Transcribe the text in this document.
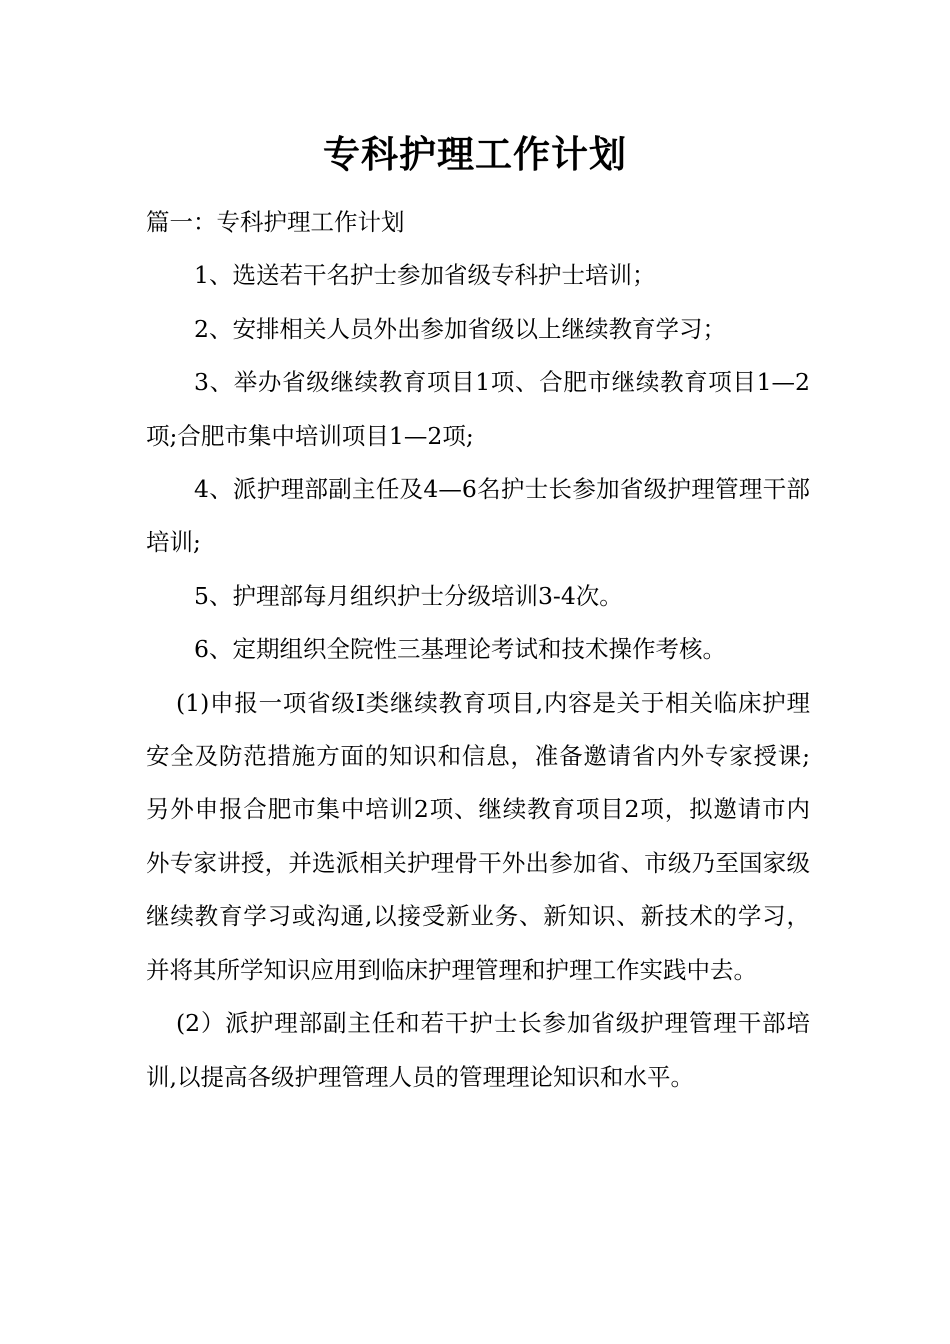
专科护理工作计划

篇一：专科护理工作计划

1、选送若干名护士参加省级专科护士培训；

2、安排相关人员外出参加省级以上继续教育学习；

3、举办省级继续教育项目1项、合肥市继续教育项目1—2项;合肥市集中培训项目1—2项;

4、派护理部副主任及4—6名护士长参加省级护理管理干部培训;

5、护理部每月组织护士分级培训3-4次。

6、定期组织全院性三基理论考试和技术操作考核。

(1)申报一项省级Ⅰ类继续教育项目,内容是关于相关临床护理安全及防范措施方面的知识和信息，准备邀请省内外专家授课;另外申报合肥市集中培训2项、继续教育项目2项，拟邀请市内外专家讲授，并选派相关护理骨干外出参加省、市级乃至国家级继续教育学习或沟通,以接受新业务、新知识、新技术的学习，并将其所学知识应用到临床护理管理和护理工作实践中去。

(2）派护理部副主任和若干护士长参加省级护理管理干部培训,以提高各级护理管理人员的管理理论知识和水平。
